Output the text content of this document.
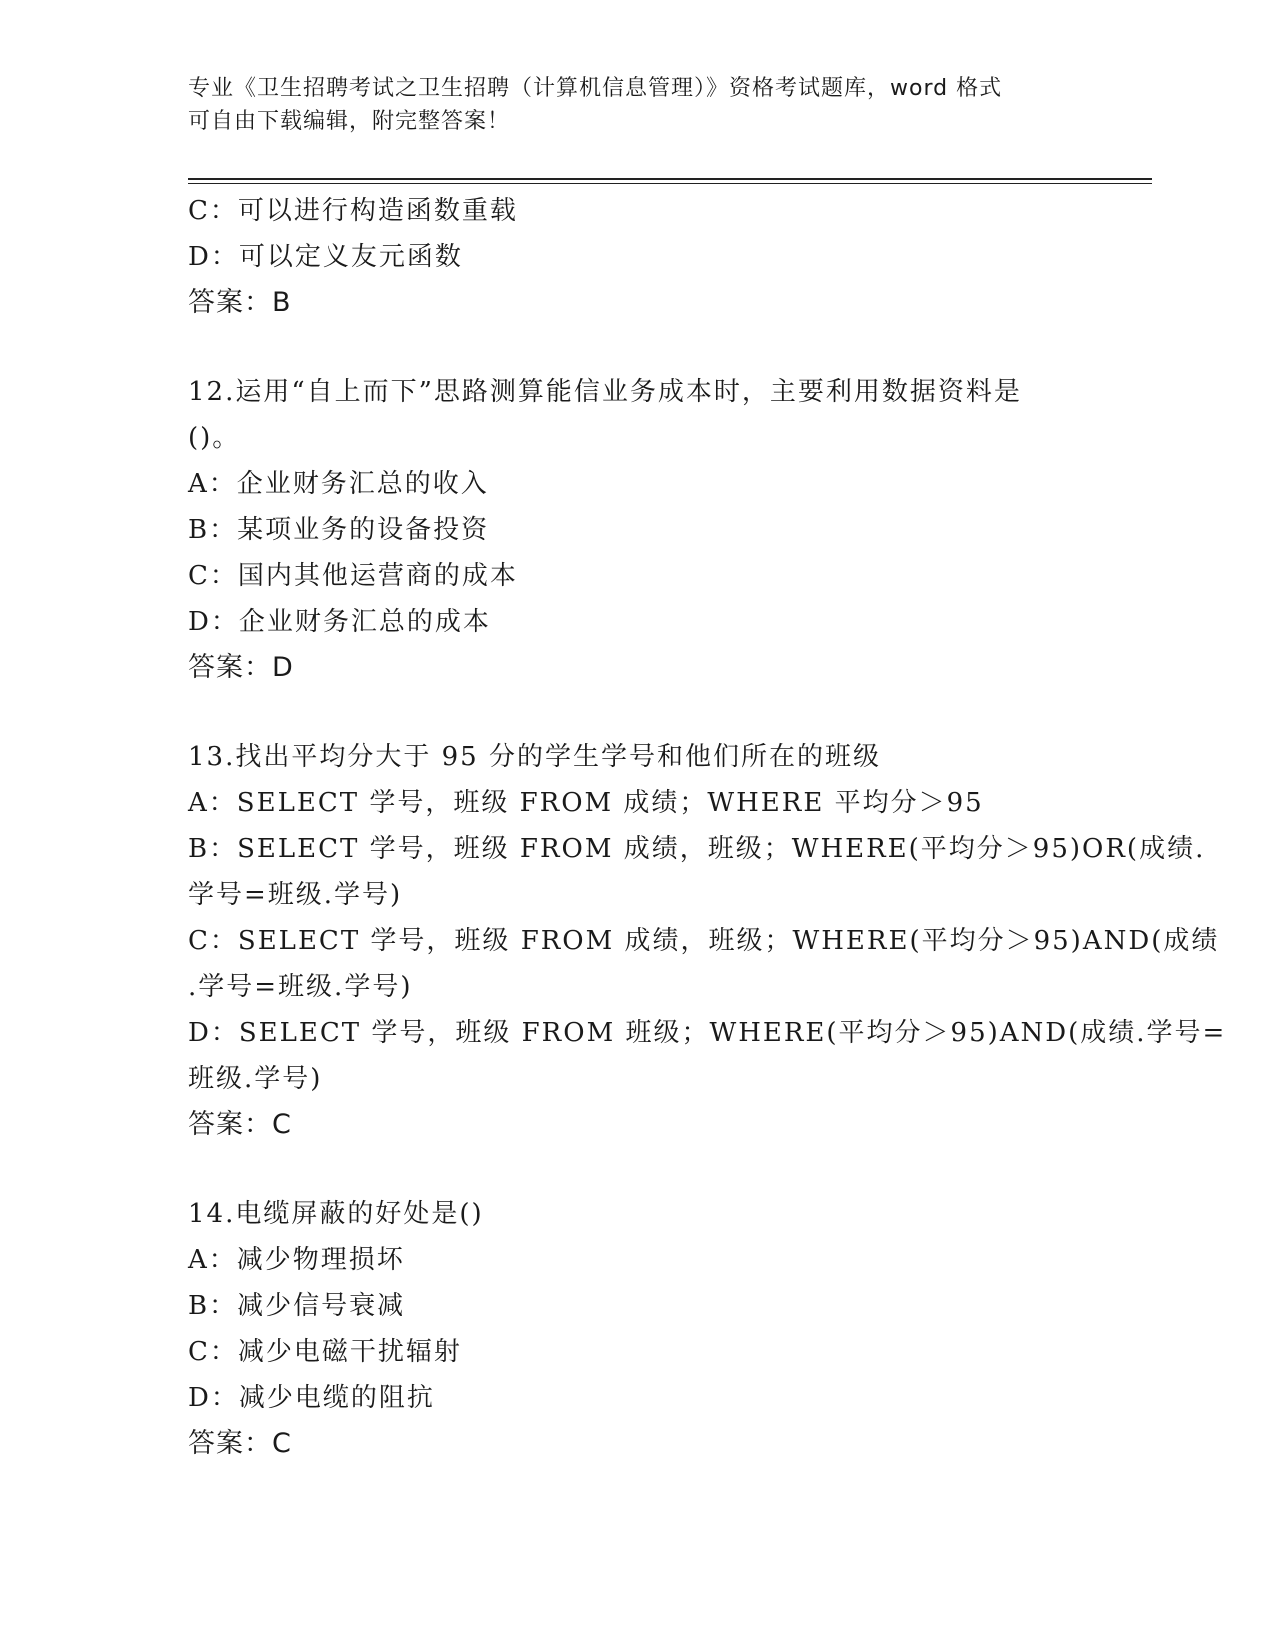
专业《卫生招聘考试之卫生招聘（计算机信息管理）》资格考试题库，word 格式

可自由下载编辑，附完整答案！

C：可以进行构造函数重载
D：可以定义友元函数
答案：B
12.运用“自上而下”思路测算能信业务成本时，主要利用数据资料是
()。
A：企业财务汇总的收入
B：某项业务的设备投资
C：国内其他运营商的成本
D：企业财务汇总的成本
答案：D
13.找出平均分大于 95 分的学生学号和他们所在的班级
A：SELECT 学号，班级 FROM 成绩；WHERE 平均分＞95
B：SELECT 学号，班级 FROM 成绩，班级；WHERE(平均分＞95)OR(成绩.
学号=班级.学号)
C：SELECT 学号，班级 FROM 成绩，班级；WHERE(平均分＞95)AND(成绩
.学号=班级.学号)
D：SELECT 学号，班级 FROM 班级；WHERE(平均分＞95)AND(成绩.学号=
班级.学号)
答案：C
14.电缆屏蔽的好处是()
A：减少物理损坏
B：减少信号衰减
C：减少电磁干扰辐射
D：减少电缆的阻抗
答案：C
